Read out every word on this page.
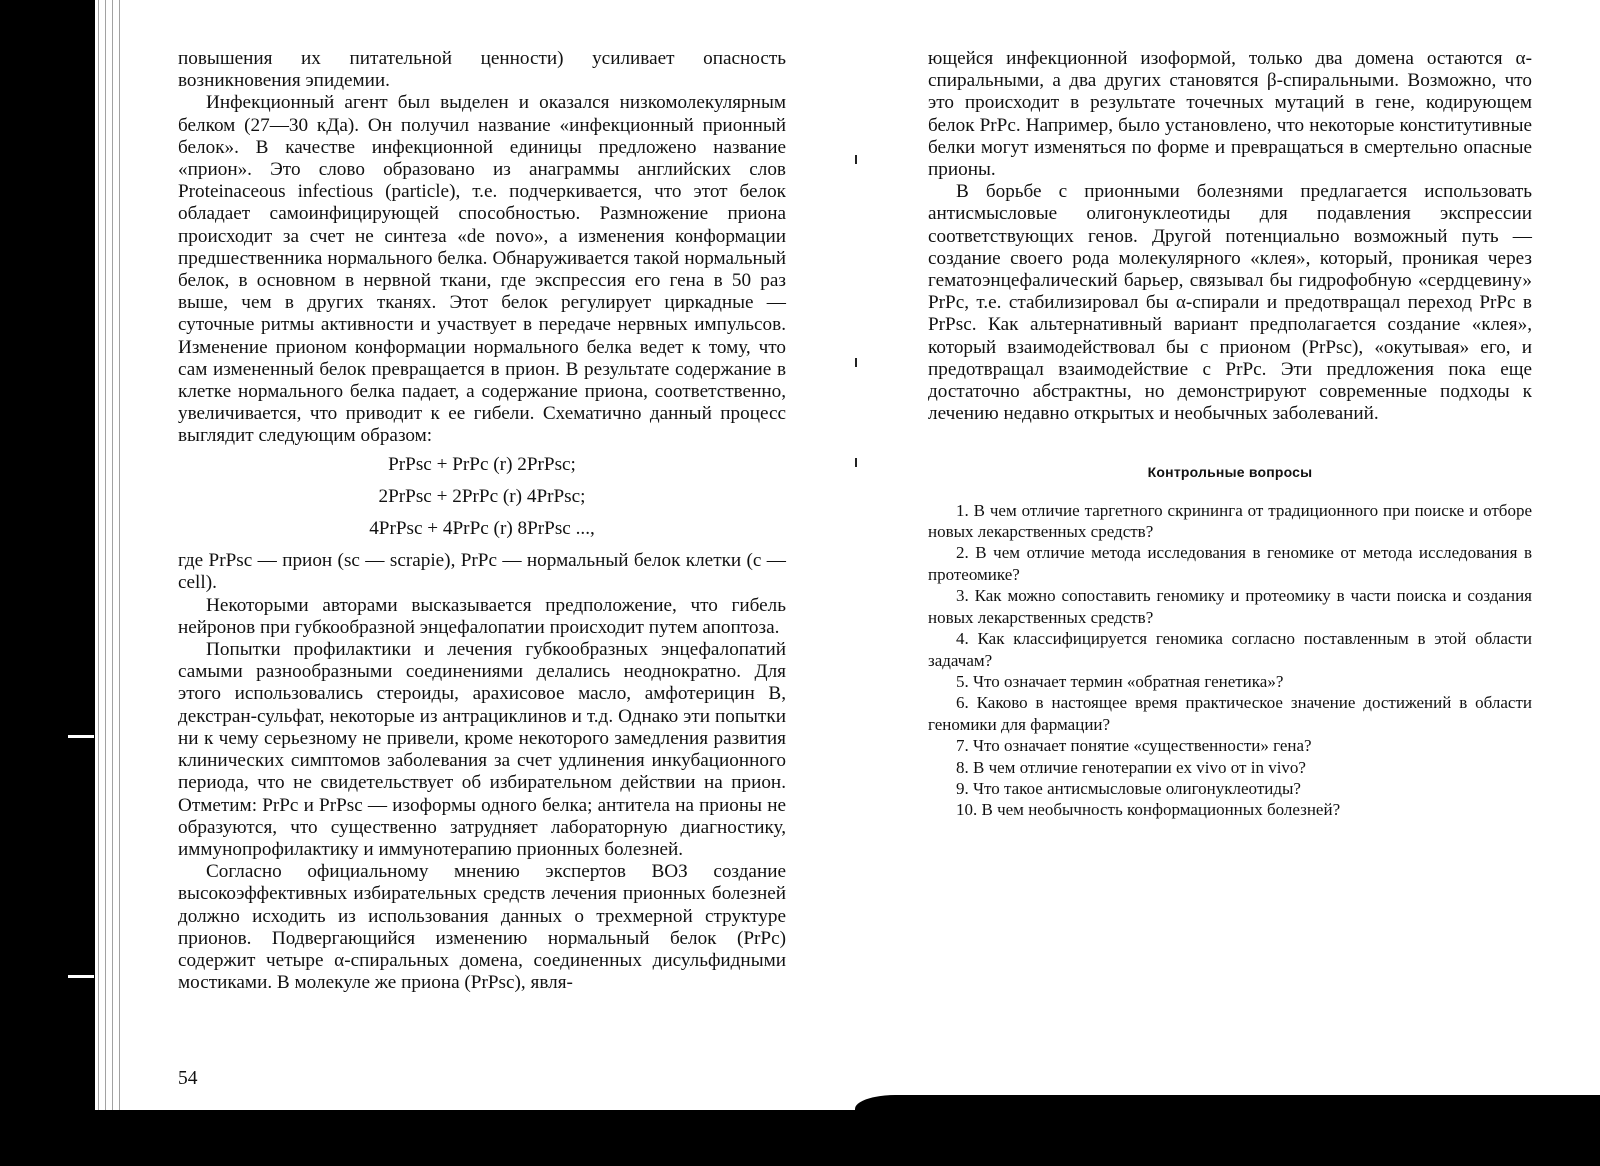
повышения их питательной ценности) усиливает опасность возникновения эпидемии.

Инфекционный агент был выделен и оказался низкомолекулярным белком (27—30 кДа). Он получил название «инфекционный прионный белок». В качестве инфекционной единицы предложено название «прион». Это слово образовано из анаграммы английских слов Proteinaceous infectious (particle), т.е. подчеркивается, что этот белок обладает самоинфицирующей способностью. Размножение приона происходит за счет не синтеза «de novo», а изменения конформации предшественника нормального белка. Обнаруживается такой нормальный белок, в основном в нервной ткани, где экспрессия его гена в 50 раз выше, чем в других тканях. Этот белок регулирует циркадные — суточные ритмы активности и участвует в передаче нервных импульсов. Изменение прионом конформации нормального белка ведет к тому, что сам измененный белок превращается в прион. В результате содержание в клетке нормального белка падает, а содержание приона, соответственно, увеличивается, что приводит к ее гибели. Схематично данный процесс выглядит следующим образом:

PrPsc + PrPc (r) 2PrPsc;

2PrPsc + 2PrPc (r) 4PrPsc;

4PrPsc + 4PrPc (r) 8PrPsc ...,

где PrPsc — прион (sc — scrapie), PrPc — нормальный белок клетки (c — cell).

Некоторыми авторами высказывается предположение, что гибель нейронов при губкообразной энцефалопатии происходит путем апоптоза.

Попытки профилактики и лечения губкообразных энцефалопатий самыми разнообразными соединениями делались неоднократно. Для этого использовались стероиды, арахисовое масло, амфотерицин В, декстран-сульфат, некоторые из антрациклинов и т.д. Однако эти попытки ни к чему серьезному не привели, кроме некоторого замедления развития клинических симптомов заболевания за счет удлинения инкубационного периода, что не свидетельствует об избирательном действии на прион. Отметим: PrPc и PrPsc — изоформы одного белка; антитела на прионы не образуются, что существенно затрудняет лабораторную диагностику, иммунопрофилактику и иммунотерапию прионных болезней.

Согласно официальному мнению экспертов ВОЗ создание высокоэффективных избирательных средств лечения прионных болезней должно исходить из использования данных о трехмерной структуре прионов. Подвергающийся изменению нормальный белок (PrPc) содержит четыре α-спиральных домена, соединенных дисульфидными мостиками. В молекуле же приона (PrPsc), явля-

54

ющейся инфекционной изоформой, только два домена остаются α-спиральными, а два других становятся β-спиральными. Возможно, что это происходит в результате точечных мутаций в гене, кодирующем белок PrPc. Например, было установлено, что некоторые конститутивные белки могут изменяться по форме и превращаться в смертельно опасные прионы.

В борьбе с прионными болезнями предлагается использовать антисмысловые олигонуклеотиды для подавления экспрессии соответствующих генов. Другой потенциально возможный путь — создание своего рода молекулярного «клея», который, проникая через гематоэнцефалический барьер, связывал бы гидрофобную «сердцевину» PrPc, т.е. стабилизировал бы α-спирали и предотвращал переход PrPc в PrPsc. Как альтернативный вариант предполагается создание «клея», который взаимодействовал бы с прионом (PrPsc), «окутывая» его, и предотвращал взаимодействие с PrPc. Эти предложения пока еще достаточно абстрактны, но демонстрируют современные подходы к лечению недавно открытых и необычных заболеваний.

Контрольные вопросы

1. В чем отличие таргетного скрининга от традиционного при поиске и отборе новых лекарственных средств?

2. В чем отличие метода исследования в геномике от метода исследования в протеомике?

3. Как можно сопоставить геномику и протеомику в части поиска и создания новых лекарственных средств?

4. Как классифицируется геномика согласно поставленным в этой области задачам?

5. Что означает термин «обратная генетика»?

6. Каково в настоящее время практическое значение достижений в области геномики для фармации?

7. Что означает понятие «существенности» гена?

8. В чем отличие генотерапии ex vivo от in vivo?

9. Что такое антисмысловые олигонуклеотиды?

10. В чем необычность конформационных болезней?
